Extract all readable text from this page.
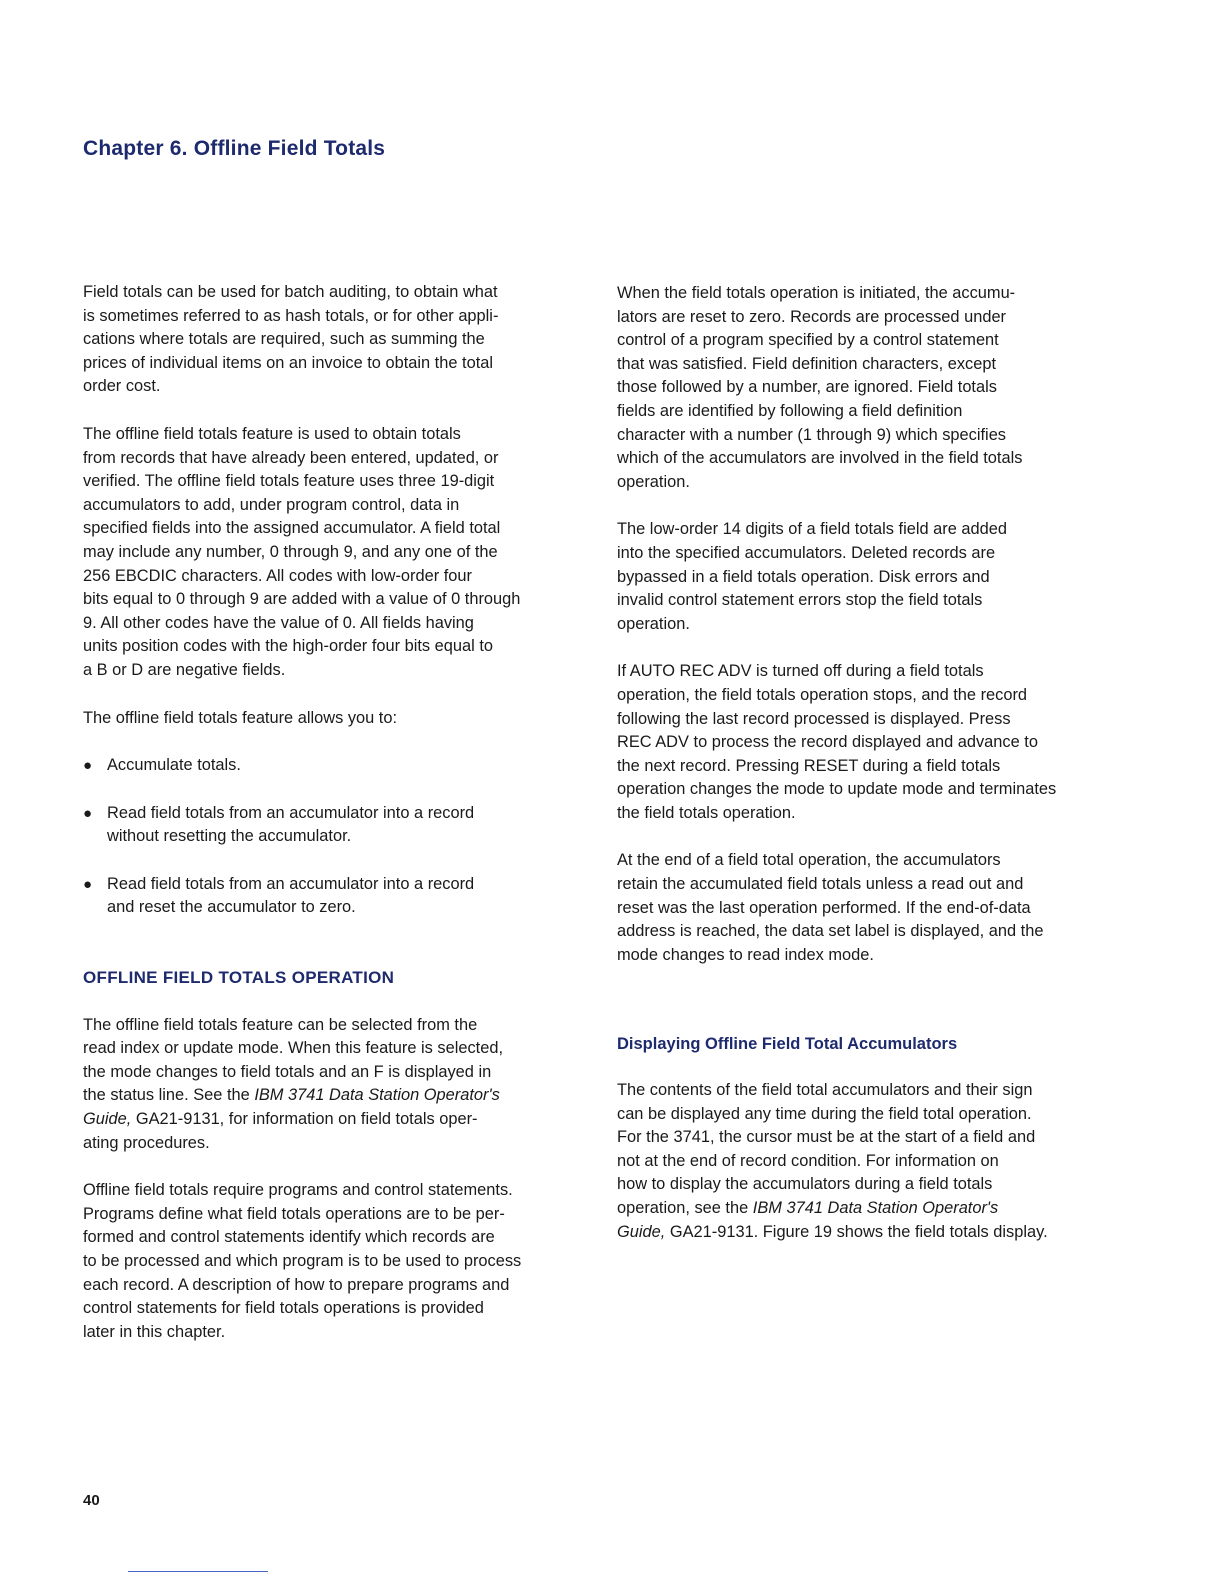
Chapter 6. Offline Field Totals

Field totals can be used for batch auditing, to obtain what
is sometimes referred to as hash totals, or for other appli-
cations where totals are required, such as summing the
prices of individual items on an invoice to obtain the total
order cost.

The offline field totals feature is used to obtain totals
from records that have already been entered, updated, or
verified. The offline field totals feature uses three 19-digit
accumulators to add, under program control, data in
specified fields into the assigned accumulator. A field total
may include any number, 0 through 9, and any one of the
256 EBCDIC characters. All codes with low-order four
bits equal to 0 through 9 are added with a value of 0 through
9. All other codes have the value of 0. All fields having
units position codes with the high-order four bits equal to
a B or D are negative fields.

The offline field totals feature allows you to:

● Accumulate totals.
● Read field totals from an accumulator into a record
without resetting the accumulator.
● Read field totals from an accumulator into a record
and reset the accumulator to zero.
OFFLINE FIELD TOTALS OPERATION

The offline field totals feature can be selected from the
read index or update mode. When this feature is selected,
the mode changes to field totals and an F is displayed in
the status line. See the IBM 3741 Data Station Operator's
Guide, GA21-9131, for information on field totals oper-
ating procedures.

Offline field totals require programs and control statements.
Programs define what field totals operations are to be per-
formed and control statements identify which records are
to be processed and which program is to be used to process
each record. A description of how to prepare programs and
control statements for field totals operations is provided
later in this chapter.

When the field totals operation is initiated, the accumu-
lators are reset to zero. Records are processed under
control of a program specified by a control statement
that was satisfied. Field definition characters, except
those followed by a number, are ignored. Field totals
fields are identified by following a field definition
character with a number (1 through 9) which specifies
which of the accumulators are involved in the field totals
operation.

The low-order 14 digits of a field totals field are added
into the specified accumulators. Deleted records are
bypassed in a field totals operation. Disk errors and
invalid control statement errors stop the field totals
operation.

If AUTO REC ADV is turned off during a field totals
operation, the field totals operation stops, and the record
following the last record processed is displayed. Press
REC ADV to process the record displayed and advance to
the next record. Pressing RESET during a field totals
operation changes the mode to update mode and terminates
the field totals operation.

At the end of a field total operation, the accumulators
retain the accumulated field totals unless a read out and
reset was the last operation performed. If the end-of-data
address is reached, the data set label is displayed, and the
mode changes to read index mode.

Displaying Offline Field Total Accumulators

The contents of the field total accumulators and their sign
can be displayed any time during the field total operation.
For the 3741, the cursor must be at the start of a field and
not at the end of record condition. For information on
how to display the accumulators during a field totals
operation, see the IBM 3741 Data Station Operator's
Guide, GA21-9131. Figure 19 shows the field totals display.

40
